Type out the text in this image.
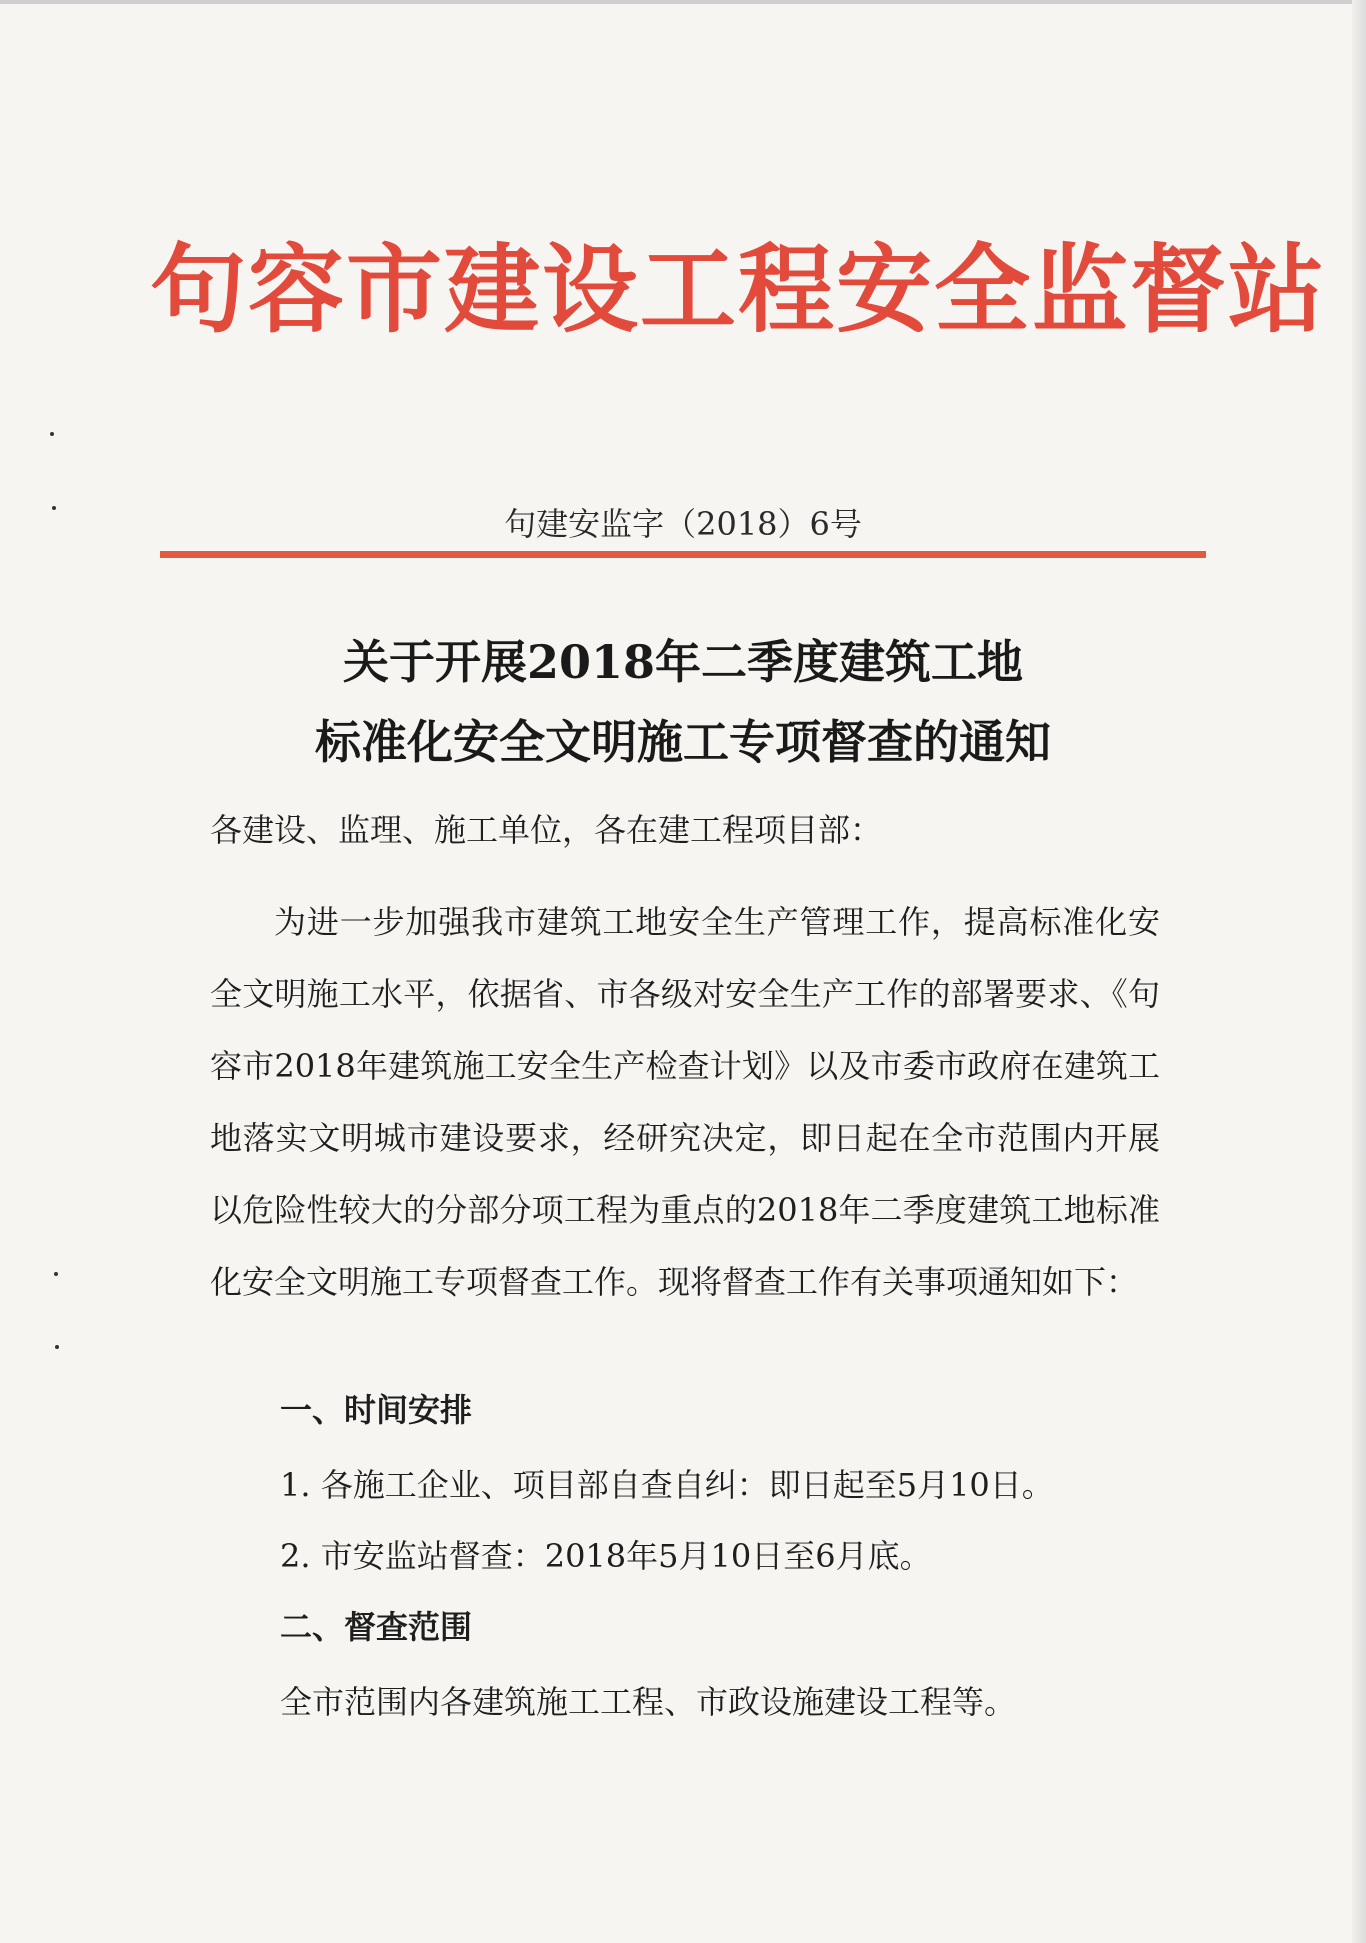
句容市建设工程安全监督站
句建安监字（2018）6号
关于开展2018年二季度建筑工地
标准化安全文明施工专项督查的通知
各建设、监理、施工单位，各在建工程项目部：

为进一步加强我市建筑工地安全生产管理工作，提高标准化安全文明施工水平，依据省、市各级对安全生产工作的部署要求、《句容市2018年建筑施工安全生产检查计划》以及市委市政府在建筑工地落实文明城市建设要求，经研究决定，即日起在全市范围内开展以危险性较大的分部分项工程为重点的2018年二季度建筑工地标准化安全文明施工专项督查工作。现将督查工作有关事项通知如下：

一、时间安排
1. 各施工企业、项目部自查自纠：即日起至5月10日。
2. 市安监站督查：2018年5月10日至6月底。
二、督查范围
全市范围内各建筑施工工程、市政设施建设工程等。
